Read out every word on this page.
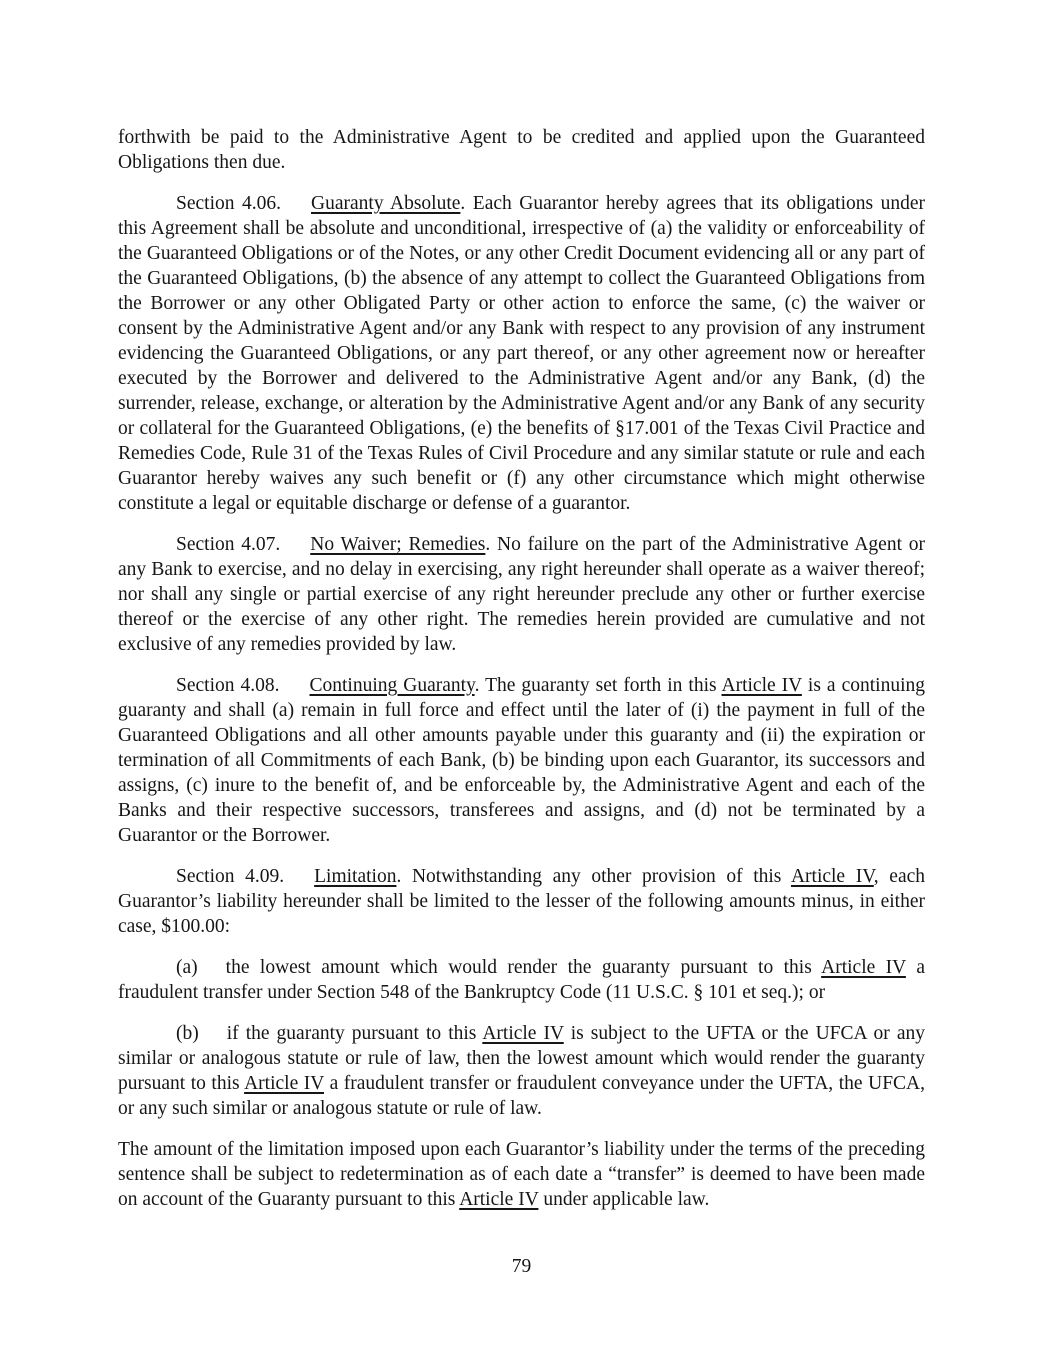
forthwith be paid to the Administrative Agent to be credited and applied upon the Guaranteed Obligations then due.

Section 4.06. Guaranty Absolute. Each Guarantor hereby agrees that its obligations under this Agreement shall be absolute and unconditional, irrespective of (a) the validity or enforceability of the Guaranteed Obligations or of the Notes, or any other Credit Document evidencing all or any part of the Guaranteed Obligations, (b) the absence of any attempt to collect the Guaranteed Obligations from the Borrower or any other Obligated Party or other action to enforce the same, (c) the waiver or consent by the Administrative Agent and/or any Bank with respect to any provision of any instrument evidencing the Guaranteed Obligations, or any part thereof, or any other agreement now or hereafter executed by the Borrower and delivered to the Administrative Agent and/or any Bank, (d) the surrender, release, exchange, or alteration by the Administrative Agent and/or any Bank of any security or collateral for the Guaranteed Obligations, (e) the benefits of §17.001 of the Texas Civil Practice and Remedies Code, Rule 31 of the Texas Rules of Civil Procedure and any similar statute or rule and each Guarantor hereby waives any such benefit or (f) any other circumstance which might otherwise constitute a legal or equitable discharge or defense of a guarantor.

Section 4.07. No Waiver; Remedies. No failure on the part of the Administrative Agent or any Bank to exercise, and no delay in exercising, any right hereunder shall operate as a waiver thereof; nor shall any single or partial exercise of any right hereunder preclude any other or further exercise thereof or the exercise of any other right. The remedies herein provided are cumulative and not exclusive of any remedies provided by law.

Section 4.08. Continuing Guaranty. The guaranty set forth in this Article IV is a continuing guaranty and shall (a) remain in full force and effect until the later of (i) the payment in full of the Guaranteed Obligations and all other amounts payable under this guaranty and (ii) the expiration or termination of all Commitments of each Bank, (b) be binding upon each Guarantor, its successors and assigns, (c) inure to the benefit of, and be enforceable by, the Administrative Agent and each of the Banks and their respective successors, transferees and assigns, and (d) not be terminated by a Guarantor or the Borrower.

Section 4.09. Limitation. Notwithstanding any other provision of this Article IV, each Guarantor’s liability hereunder shall be limited to the lesser of the following amounts minus, in either case, $100.00:

(a) the lowest amount which would render the guaranty pursuant to this Article IV a fraudulent transfer under Section 548 of the Bankruptcy Code (11 U.S.C. § 101 et seq.); or

(b) if the guaranty pursuant to this Article IV is subject to the UFTA or the UFCA or any similar or analogous statute or rule of law, then the lowest amount which would render the guaranty pursuant to this Article IV a fraudulent transfer or fraudulent conveyance under the UFTA, the UFCA, or any such similar or analogous statute or rule of law.

The amount of the limitation imposed upon each Guarantor’s liability under the terms of the preceding sentence shall be subject to redetermination as of each date a “transfer” is deemed to have been made on account of the Guaranty pursuant to this Article IV under applicable law.

79
